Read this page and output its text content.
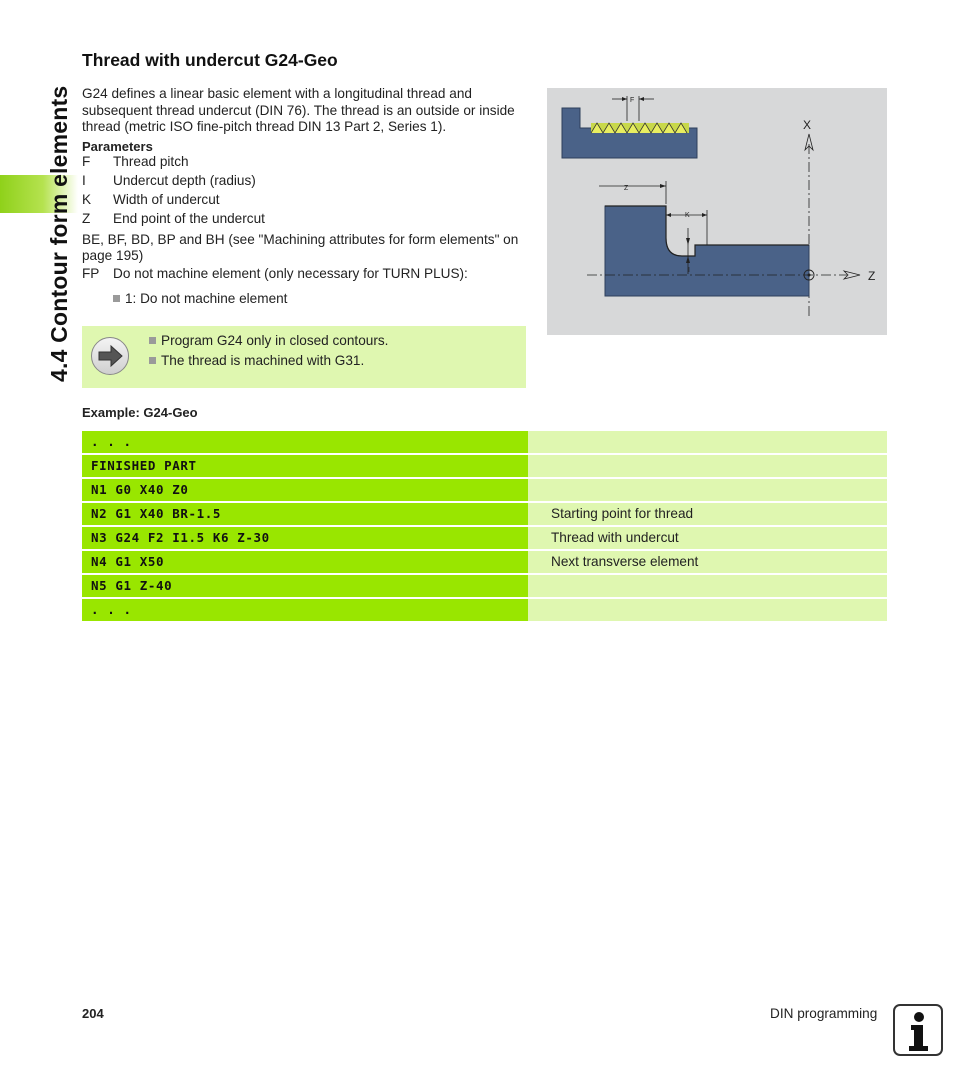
4.4 Contour form elements
Thread with undercut G24-Geo
G24 defines a linear basic element with a longitudinal thread and subsequent thread undercut (DIN 76). The thread is an outside or inside thread (metric ISO fine-pitch thread DIN 13 Part 2, Series 1).
Parameters
F Thread pitch
I Undercut depth (radius)
K Width of undercut
Z End point of the undercut
BE, BF, BD, BP and BH (see "Machining attributes for form elements" on page 195)
FP Do not machine element (only necessary for TURN PLUS):
1: Do not machine element
Program G24 only in closed contours.
The thread is machined with G31.
F
X
Z
Z
K
I
Example: G24-Geo
. . .
FINISHED PART
N1 G0 X40 Z0
N2 G1 X40 BR-1.5	Starting point for thread
N3 G24 F2 I1.5 K6 Z-30	Thread with undercut
N4 G1 X50	Next transverse element
N5 G1 Z-40
. . .
204	DIN programming
